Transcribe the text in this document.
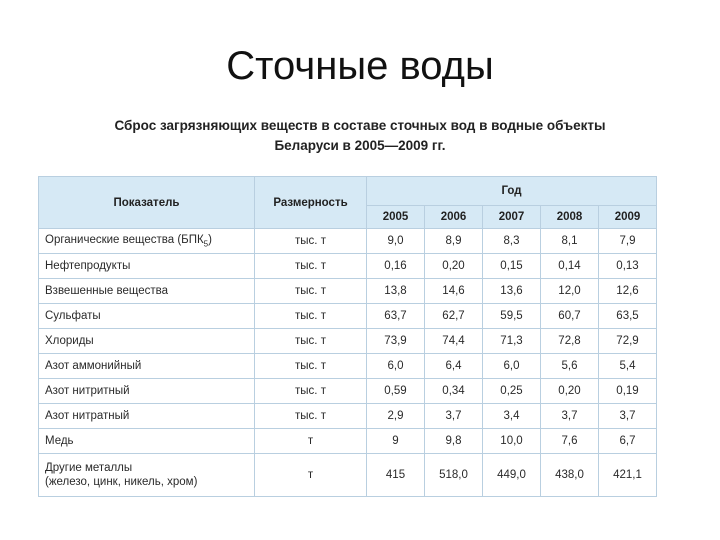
Сточные воды
Сброс загрязняющих веществ в составе сточных вод в водные объекты
Беларуси в 2005—2009 гг.
Показатель	Размерность	Год				
		2005	2006	2007	2008	2009
Органические вещества $(БПК_5)$	тыс. т	9,0	8,9	8,3	8,1	7,9
Нефтепродукты	тыс. т	0,16	0,20	0,15	0,14	0,13
Взвешенные вещества	тыс. т	13,8	14,6	13,6	12,0	12,6
Сульфаты	тыс. т	63,7	62,7	59,5	60,7	63,5
Хлориды	тыс. т	73,9	74,4	71,3	72,8	72,9
Азот аммонийный	тыс. т	6,0	6,4	6,0	5,6	5,4
Азот нитритный	тыс. т	0,59	0,34	0,25	0,20	0,19
Азот нитратный	тыс. т	2,9	3,7	3,4	3,7	3,7
Медь	т	9	9,8	10,0	7,6	6,7
Другие металлы
(железо, цинк, никель, хром)	т	415	518,0	449,0	438,0	421,1
